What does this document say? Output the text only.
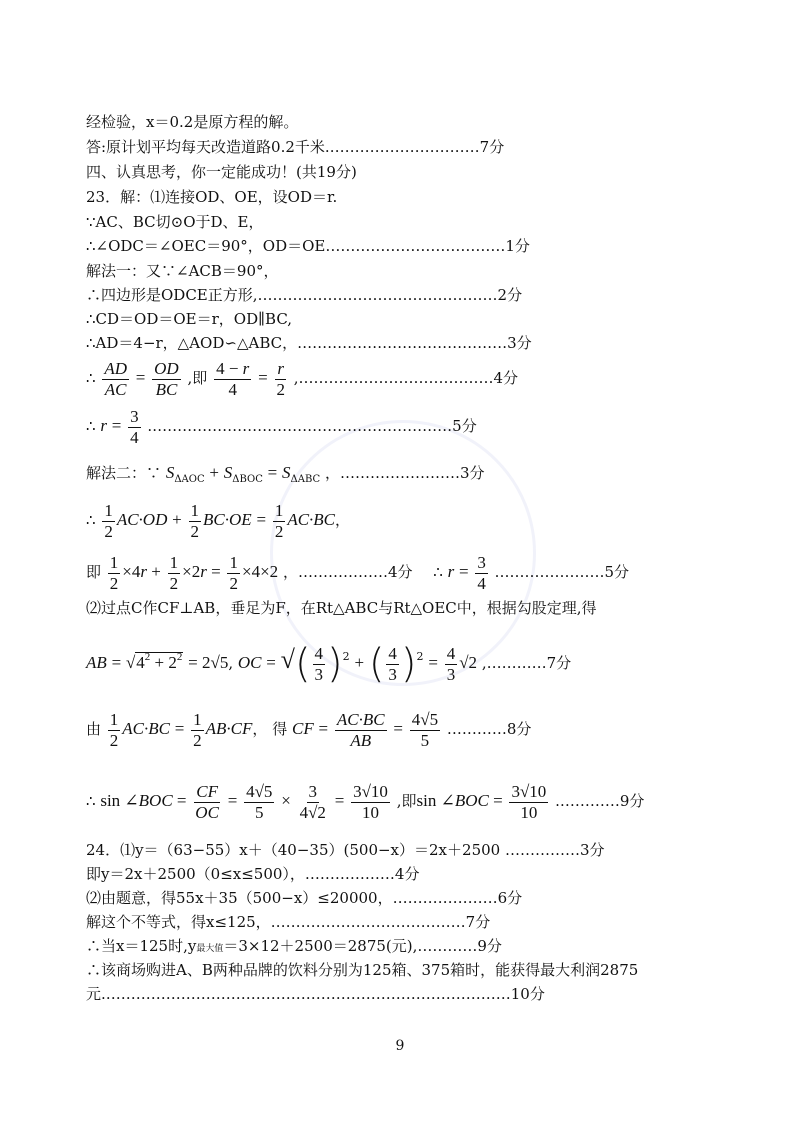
经检验，x＝0.2是原方程的解。
答:原计划平均每天改造道路0.2千米.…………………………7分
四、认真思考，你一定能成功！(共19分)
23．解：⑴连接OD、OE，设OD＝r.
∵AC、BC切⊙O于D、E，
∴∠ODC＝∠OEC＝90°，OD＝OE………………………………1分
解法一：又∵∠ACB＝90°，
∴四边形是ODCE正方形,…………………………………………2分
∴CD＝OD＝OE＝r，OD∥BC,
∴AD＝4−r，△AOD∽△ABC，……………………………………3分
∴ $\frac{AD}{AC} = \frac{OD}{BC}$ ,即 $\frac{4 - r}{4} = \frac{r}{2}$ ,…………………………………4分
∴ $r = \frac{3}{4}$ .……………………………………………………5分
解法二：∵ $S_{\Delta AOC} + S_{\Delta BOC} = S_{\Delta ABC}$ ，……………………3分
∴ $\frac{1}{2} AC\cdot OD + \frac{1}{2} BC\cdot OE = \frac{1}{2} AC\cdot BC$，
即 $\frac{1}{2} \times 4r + \frac{1}{2} \times 2r = \frac{1}{2} \times 4\times 2$ ，………………4分 ∴ $r = \frac{3}{4}$ .…………………5分
⑵过点C作CF⊥AB，垂足为F，在Rt△ABC与Rt△OEC中，根据勾股定理,得
AB = $√4^2 + 2^2 = 2√5$, OC = √( $\frac{4}{3} )^2$ + ( $\frac{4}{3} )^2 = \frac{4}{3} √2$ ,…………7分
由 $\frac{1}{2} AC\cdot BC = \frac{1}{2} AB\cdot CF$， 得 CF = $\frac{AC\cdot BC}{AB} = \frac{4√5}{5}$ …………8分
∴ sin ∠BOC = $\frac{CF}{OC} = \frac{4√5}{5} \times \frac{3}{4√2} = \frac{3√10}{10}$ ,即sin ∠BOC = $\frac{3√10}{10}$ .…………9分
24．⑴y＝（63−55）x＋（40−35）(500−x）＝2x＋2500 ……………3分
即y＝2x＋2500（0≤x≤500），………………4分
⑵由题意，得55x＋35（500−x）≤20000，…………………6分
解这个不等式，得x≤125，…………………………………7分
∴当x＝125时,y最大值＝3×12＋2500＝2875(元),…………9分
∴该商场购进A、B两种品牌的饮料分别为125箱、375箱时，能获得最大利润2875
元.………………………………………………………………………10分
9
